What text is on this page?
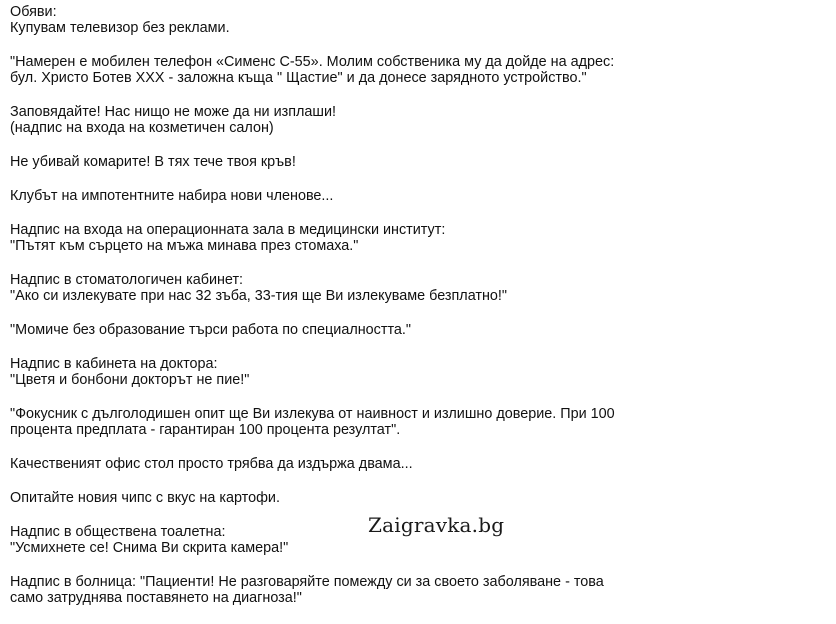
Обяви:

Купувам телевизор без реклами.

"Намерен е мобилен телефон «Сименс C-55». Молим собственика му да дойде на адрес:
бул. Христо Ботев ХХХ - заложна къща " Щастие" и да донесе зарядното устройство."

Заповядайте! Нас нищо не може да ни изплаши!
(надпис на входа на козметичен салон)

Не убивай комарите! В тях тече твоя кръв!

Клубът на импотентните набира нови членове...

Надпис на входа на операционната зала в медицински институт:
"Пътят към сърцето на мъжа минава през стомаха."

Надпис в стоматологичен кабинет:
"Ако си излекувате при нас 32 зъба, 33-тия ще Ви излекуваме безплатно!"

"Момиче без образование търси работа по специалността."

Надпис в кабинета на доктора:
"Цветя и бонбони докторът не пие!"

"Фокусник с дълголодишен опит ще Ви излекува от наивност и излишно доверие. При 100
процента предплата - гарантиран 100 процента резултат".

Качественият офис стол просто трябва да издържа двама...

Опитайте новия чипс с вкус на картофи.

Надпис в обществена тоалетна:
"Усмихнете се! Снима Ви скрита камера!"

Надпис в болница: "Пациенти! Не разговаряйте помежду си за своето заболяване - това
само затруднява поставянето на диагноза!"

Zaigravka.bg
